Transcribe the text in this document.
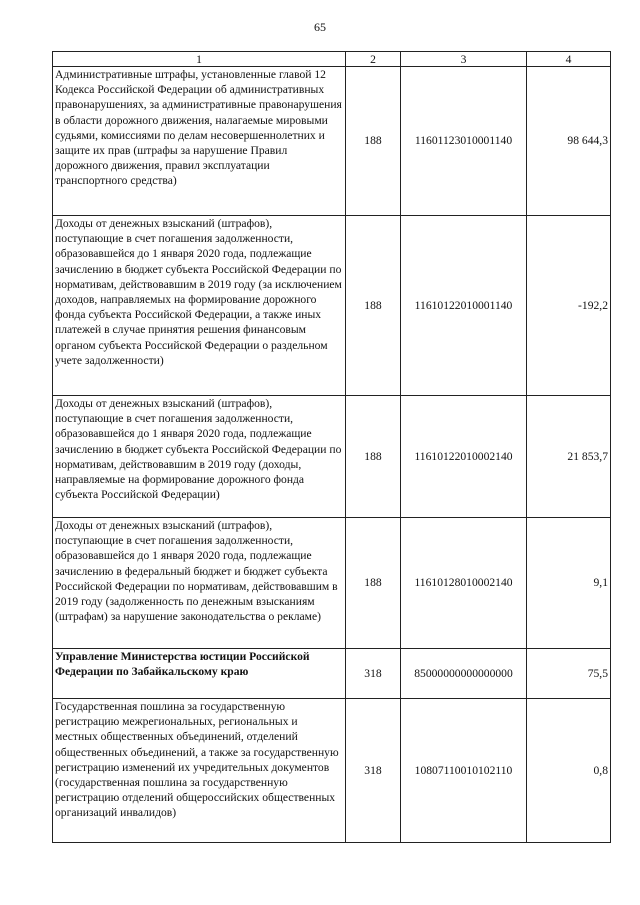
65
1	2	3	4
Административные штрафы, установленные главой 12 Кодекса Российской Федерации об административных правонарушениях, за административные правонарушения в области дорожного движения, налагаемые мировыми судьями, комиссиями по делам несовершеннолетних и защите их прав (штрафы за нарушение Правил дорожного движения, правил эксплуатации транспортного средства)	188	11601123010001140	98 644,3
Доходы от денежных взысканий (штрафов), поступающие в счет погашения задолженности, образовавшейся до 1 января 2020 года, подлежащие зачислению в бюджет субъекта Российской Федерации по нормативам, действовавшим в 2019 году (за исключением доходов, направляемых на формирование дорожного фонда субъекта Российской Федерации, а также иных платежей в случае принятия решения финансовым органом субъекта Российской Федерации о раздельном учете задолженности)	188	11610122010001140	-192,2
Доходы от денежных взысканий (штрафов), поступающие в счет погашения задолженности, образовавшейся до 1 января 2020 года, подлежащие зачислению в бюджет субъекта Российской Федерации по нормативам, действовавшим в 2019 году (доходы, направляемые на формирование дорожного фонда субъекта Российской Федерации)	188	11610122010002140	21 853,7
Доходы от денежных взысканий (штрафов), поступающие в счет погашения задолженности, образовавшейся до 1 января 2020 года, подлежащие зачислению в федеральный бюджет и бюджет субъекта Российской Федерации по нормативам, действовавшим в 2019 году (задолженность по денежным взысканиям (штрафам) за нарушение законодательства о рекламе)	188	11610128010002140	9,1
Управление Министерства юстиции Российской Федерации по Забайкальскому краю	318	85000000000000000	75,5
Государственная пошлина за государственную регистрацию межрегиональных, региональных и местных общественных объединений, отделений общественных объединений, а также за государственную регистрацию изменений их учредительных документов (государственная пошлина за государственную регистрацию отделений общероссийских общественных организаций инвалидов)	318	10807110010102110	0,8
